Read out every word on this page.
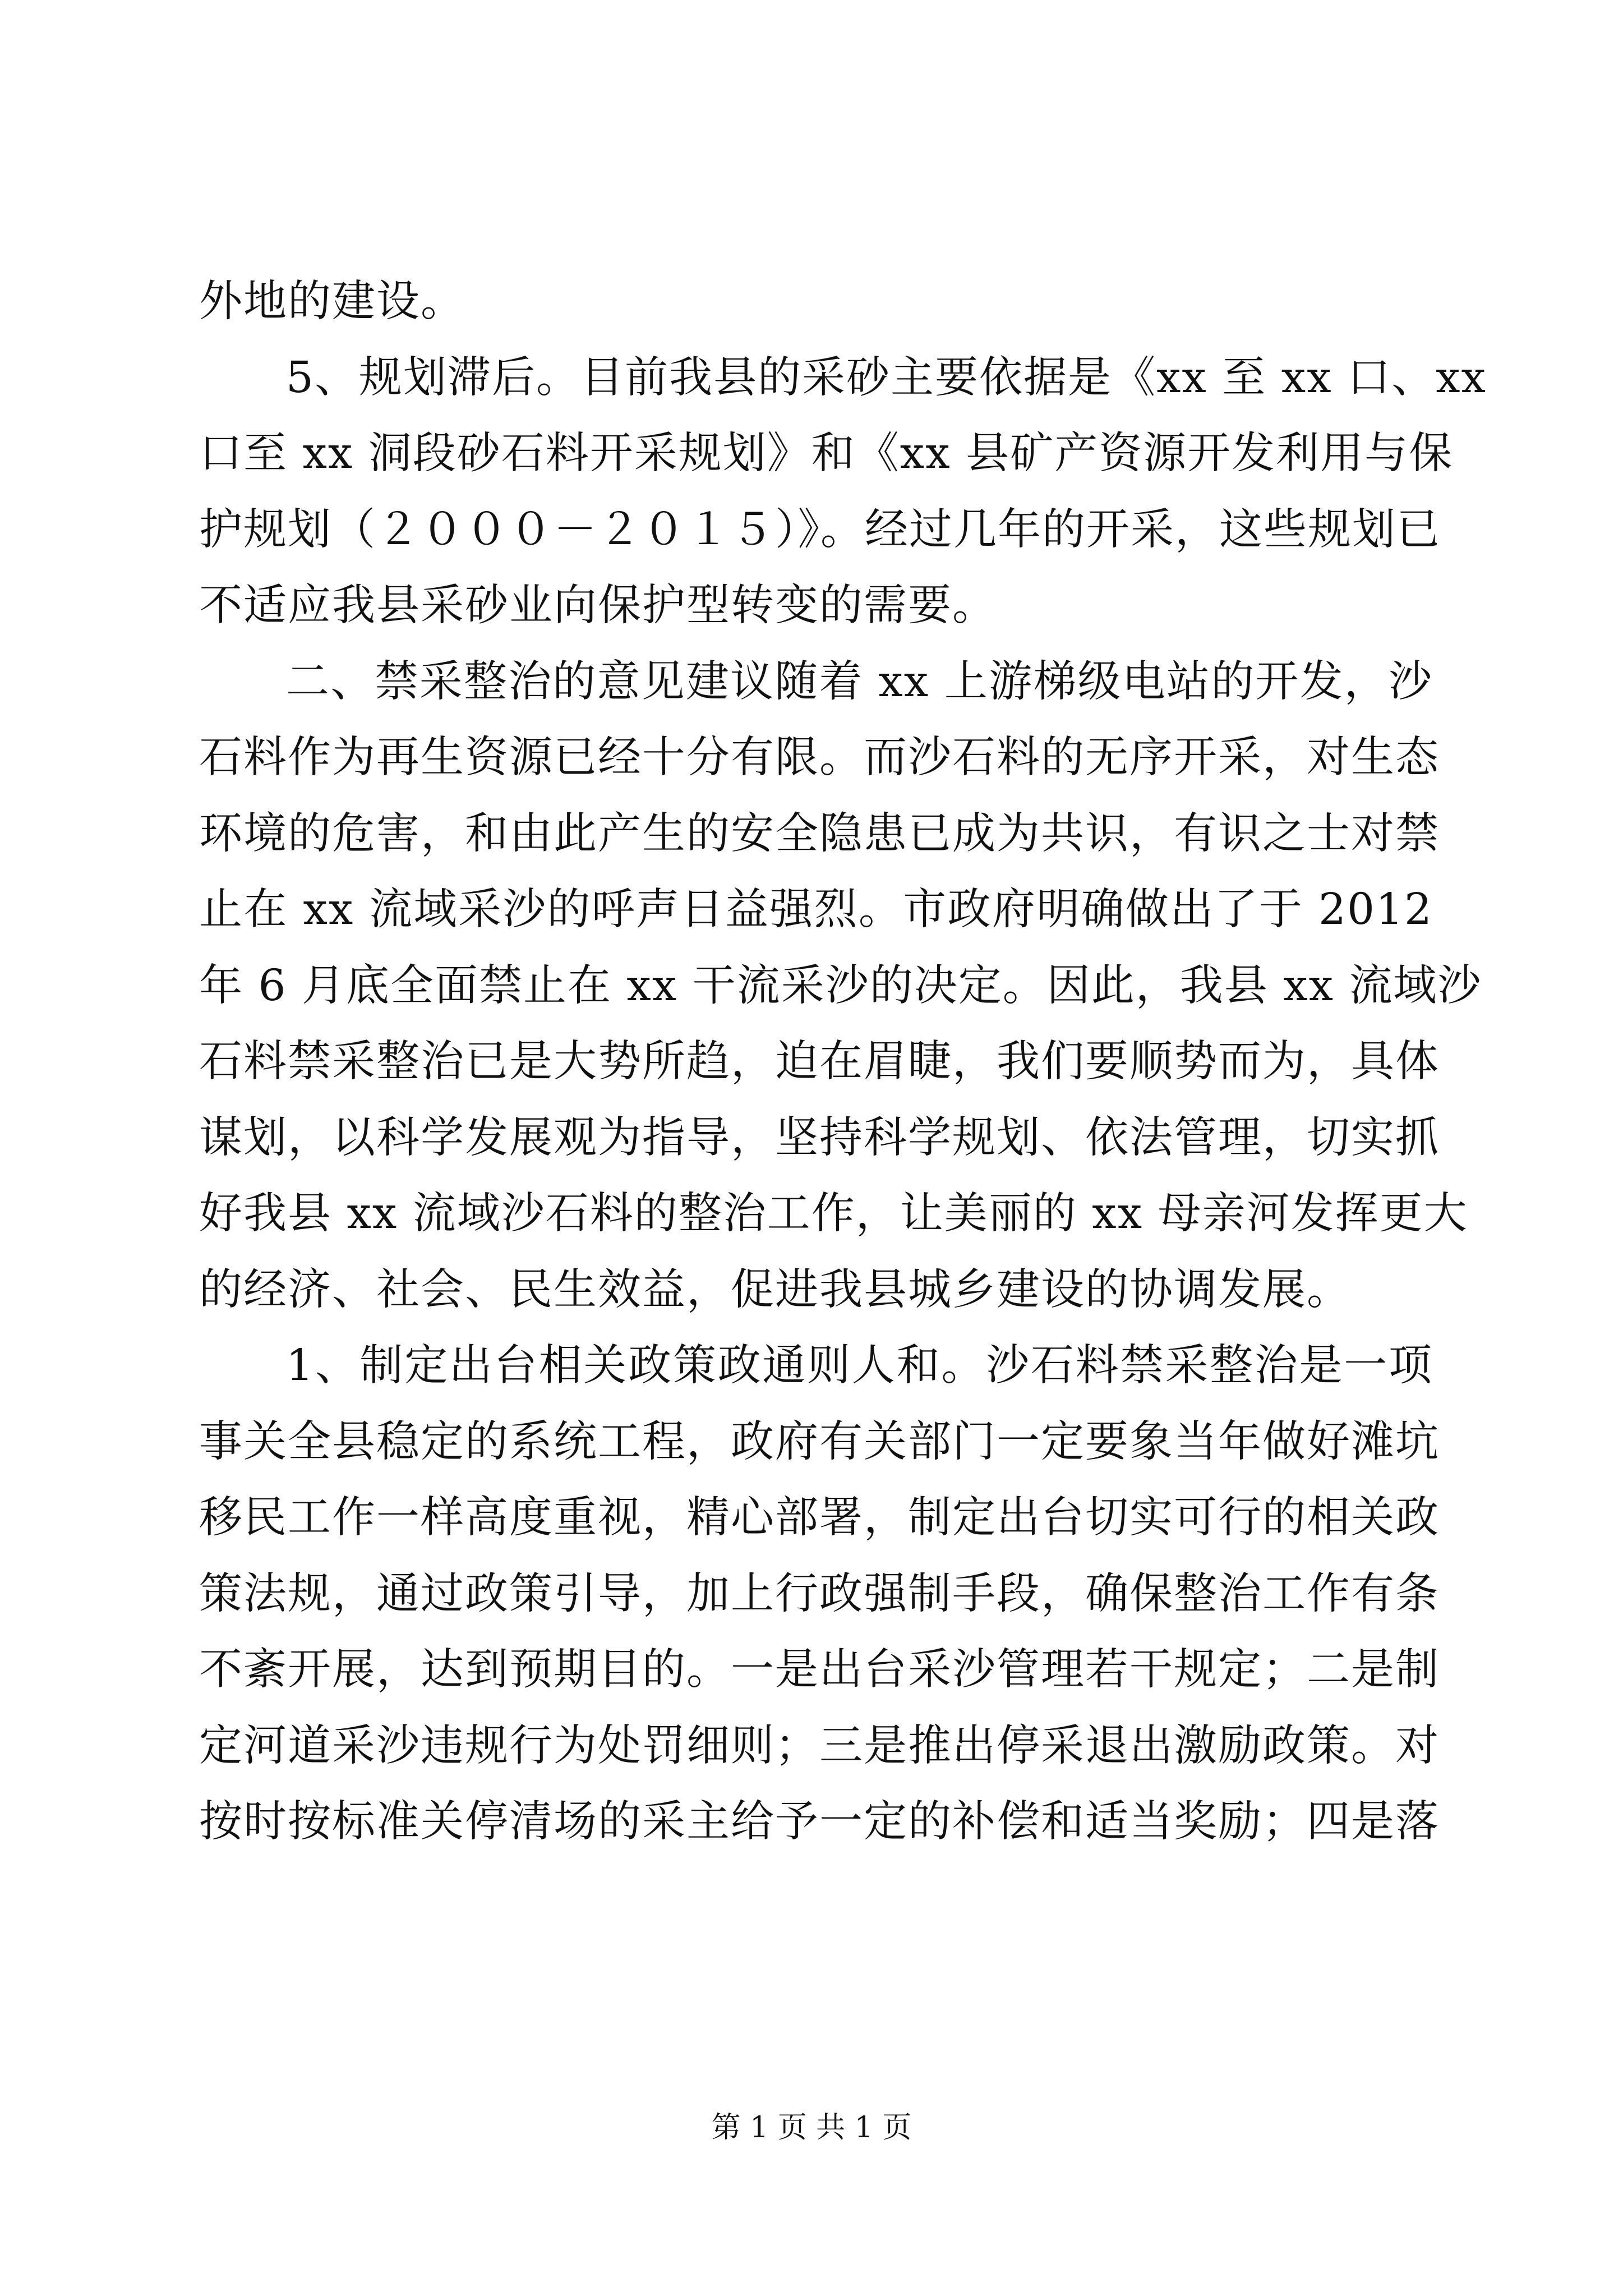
外地的建设。
5、规划滞后。目前我县的采砂主要依据是《xx 至 xx 口、xx
口至 xx 洞段砂石料开采规划》和《xx 县矿产资源开发利用与保
护规划（２０００－２０１５）》。经过几年的开采，这些规划已
不适应我县采砂业向保护型转变的需要。
二、禁采整治的意见建议随着 xx 上游梯级电站的开发，沙
石料作为再生资源已经十分有限。而沙石料的无序开采，对生态
环境的危害，和由此产生的安全隐患已成为共识，有识之士对禁
止在 xx 流域采沙的呼声日益强烈。市政府明确做出了于 2012
年 6 月底全面禁止在 xx 干流采沙的决定。因此，我县 xx 流域沙
石料禁采整治已是大势所趋，迫在眉睫，我们要顺势而为，具体
谋划，以科学发展观为指导，坚持科学规划、依法管理，切实抓
好我县 xx 流域沙石料的整治工作，让美丽的 xx 母亲河发挥更大
的经济、社会、民生效益，促进我县城乡建设的协调发展。
1、制定出台相关政策政通则人和。沙石料禁采整治是一项
事关全县稳定的系统工程，政府有关部门一定要象当年做好滩坑
移民工作一样高度重视，精心部署，制定出台切实可行的相关政
策法规，通过政策引导，加上行政强制手段，确保整治工作有条
不紊开展，达到预期目的。一是出台采沙管理若干规定；二是制
定河道采沙违规行为处罚细则；三是推出停采退出激励政策。对
按时按标准关停清场的采主给予一定的补偿和适当奖励；四是落
第 1 页 共 1 页
